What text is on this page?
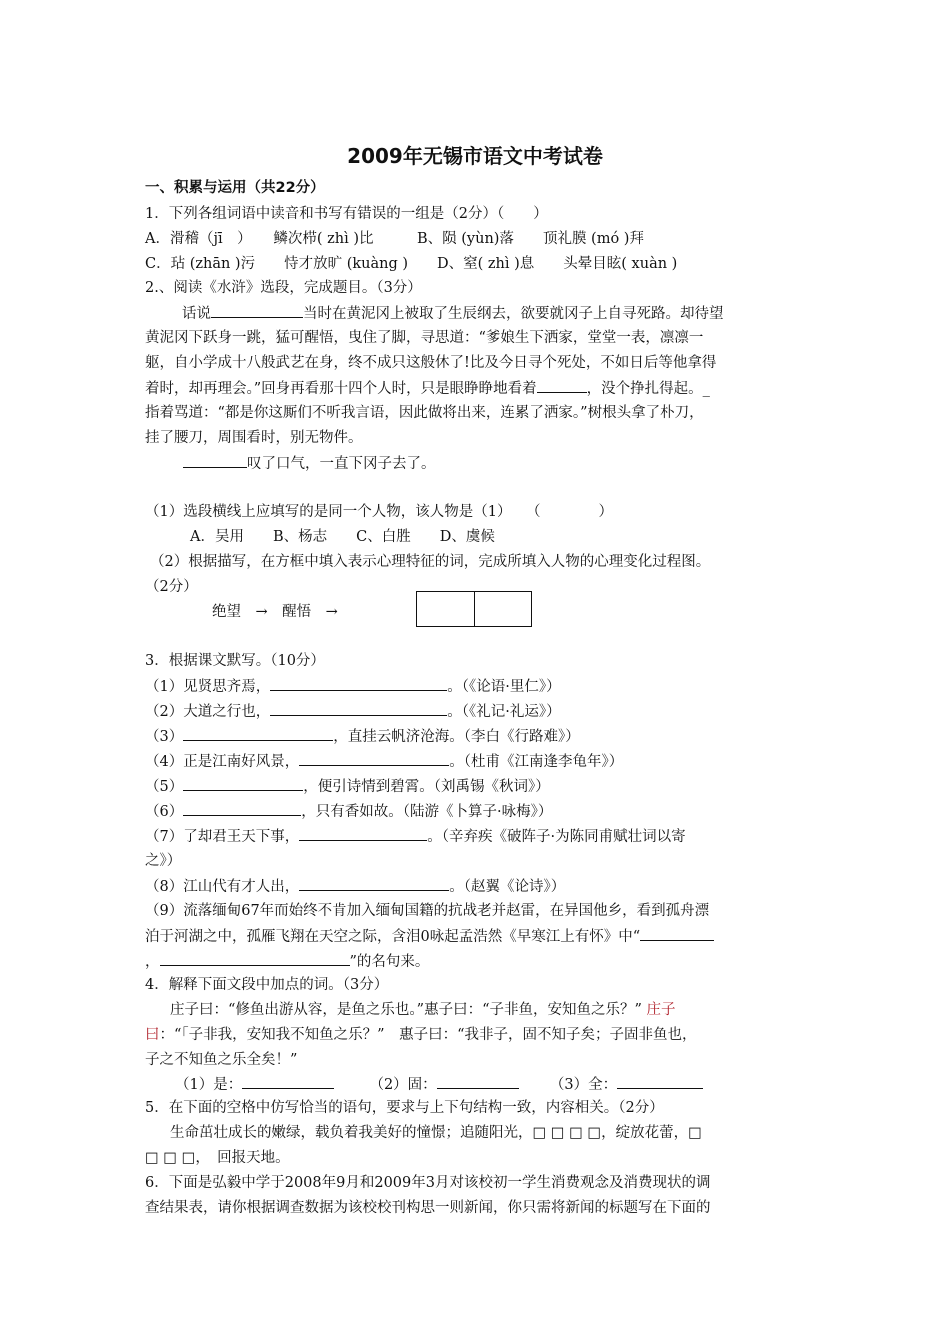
2009年无锡市语文中考试卷
一、积累与运用（共22分）
1．下列各组词语中读音和书写有错误的一组是（2分）（　　）
A．滑稽（jī　）　　鳞次栉( zhì )比　　　B、陨 (yùn)落　　顶礼膜 (mó )拜
C．玷 (zhān )污　　恃才放旷 (kuàng )　　D、窒( zhì )息　　头晕目眩( xuàn )
2.、阅读《水浒》选段，完成题目。（3分）
话说	当时在黄泥冈上被取了生辰纲去，欲要就冈子上自寻死路。却待望
黄泥冈下跃身一跳，猛可醒悟，曳住了脚，寻思道：“爹娘生下洒家，堂堂一表，凛凛一
躯，自小学成十八般武艺在身，终不成只这般休了!比及今日寻个死处，不如日后等他拿得
着时，却再理会。”回身再看那十四个人时，只是眼睁睁地看着	，没个挣扎得起。_
指着骂道：“都是你这厮们不听我言语，因此做将出来，连累了洒家。”树根头拿了朴刀，
挂了腰刀，周围看时，别无物件。
叹了口气，一直下冈子去了。
（1）选段横线上应填写的是同一个人物，该人物是（1）　　（　　　　）
A．吴用　　B、杨志　　C、白胜　　D、虞候
（2）根据描写，在方框中填入表示心理特征的词，完成所填入人物的心理变化过程图。
（2分）
绝望　→　醒悟　→
3．根据课文默写。（10分）
（1）见贤思齐焉，	。（《论语·里仁》）
（2）大道之行也，	。（《礼记·礼运》）
（3）	，直挂云帆济沧海。（李白《行路难》）
（4）正是江南好风景，	。（杜甫《江南逢李龟年》）
（5）	，便引诗情到碧霄。（刘禹锡《秋词》）
（6）	，只有香如故。（陆游《卜算子·咏梅》）
（7）了却君王天下事，	。（辛弃疾《破阵子·为陈同甫赋壮词以寄
之》）
（8）江山代有才人出，	。（赵翼《论诗》）
（9）流落缅甸67年而始终不肯加入缅甸国籍的抗战老并赵雷，在异国他乡，看到孤舟漂
泊于河湖之中，孤雁飞翔在天空之际，含泪0咏起孟浩然《早寒江上有怀》中“
，	”的名句来。
4．解释下面文段中加点的词。（3分）
庄子曰：“修鱼出游从容，是鱼之乐也。”惠子曰：“子非鱼，安知鱼之乐？” 庄子
曰：“「子非我，安知我不知鱼之乐？”　惠子曰：“我非子，固不知子矣；子固非鱼也，
子之不知鱼之乐全矣！”
（1）是：	（2）固：	（3）全：
5．在下面的空格中仿写恰当的语句，要求与上下句结构一致，内容相关。（2分）
生命茁壮成长的嫩绿，载负着我美好的憧憬；追随阳光，□ □ □ □，绽放花蕾，□
□ □ □，　回报天地。
6．下面是弘毅中学于2008年9月和2009年3月对该校初一学生消费观念及消费现状的调
查结果表，请你根据调查数据为该校校刊构思一则新闻，你只需将新闻的标题写在下面的
